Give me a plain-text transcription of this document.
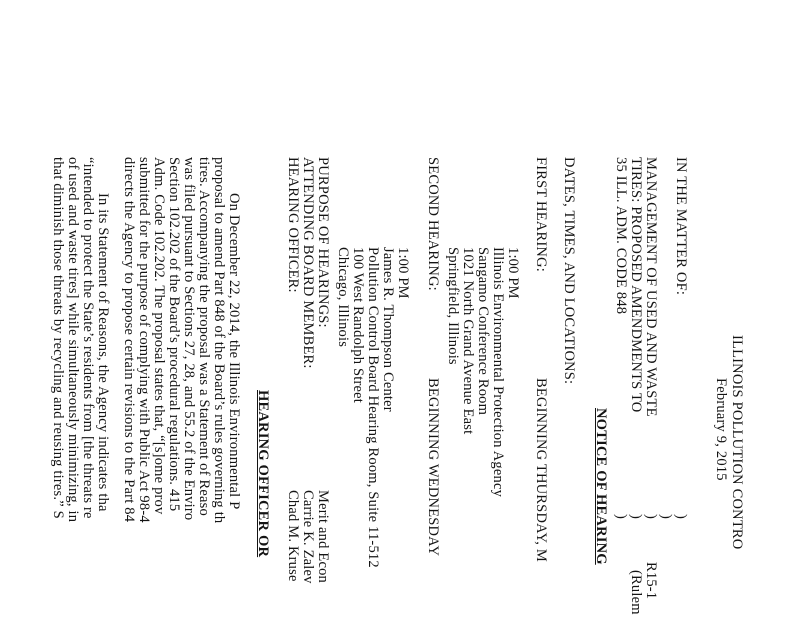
ILLINOIS POLLUTION CONTRO
February 9, 2015
NOTICE OF HEARING
IN THE MATTER OF:
MANAGEMENT OF USED AND WASTE
TIRES: PROPOSED AMENDMENTS TO
35 ILL. ADM. CODE 848
)
)
)
)
)
R15-1
(Rulem
DATES, TIMES, AND LOCATIONS:
FIRST HEARING:
BEGINNING THURSDAY, M
1:00 PM
Illinois Environmental Protection Agency
Sangamo Conference Room
1021 North Grand Avenue East
Springfield, Illinois
SECOND HEARING:
BEGINNING WEDNESDAY
1:00 PM
James R. Thompson Center
Pollution Control Board Hearing Room, Suite 11-512
100 West Randolph Street
Chicago, Illinois
PURPOSE OF HEARINGS:
Merit and Econ
ATTENDING BOARD MEMBER:
Carrie K. Zalev
HEARING OFFICER:
Chad M. Kruse
HEARING OFFICER OR
On December 22, 2014, the Illinois Environmental P
proposal to amend Part 848 of the Board’s rules governing th
tires. Accompanying the proposal was a Statement of Reaso
was filed pursuant to Sections 27, 28, and 55.2 of the Enviro
Section 102.202 of the Board’s procedural regulations. 415
Adm. Code 102.202. The proposal states that, “[s]ome prov
submitted for the purpose of complying with Public Act 98-4
directs the Agency to propose certain revisions to the Part 84
In its Statement of Reasons, the Agency indicates tha
“intended to protect the State’s residents from [the threats re
of used and waste tires] while simultaneously minimizing, in
that diminish those threats by recycling and reusing tires.” S
